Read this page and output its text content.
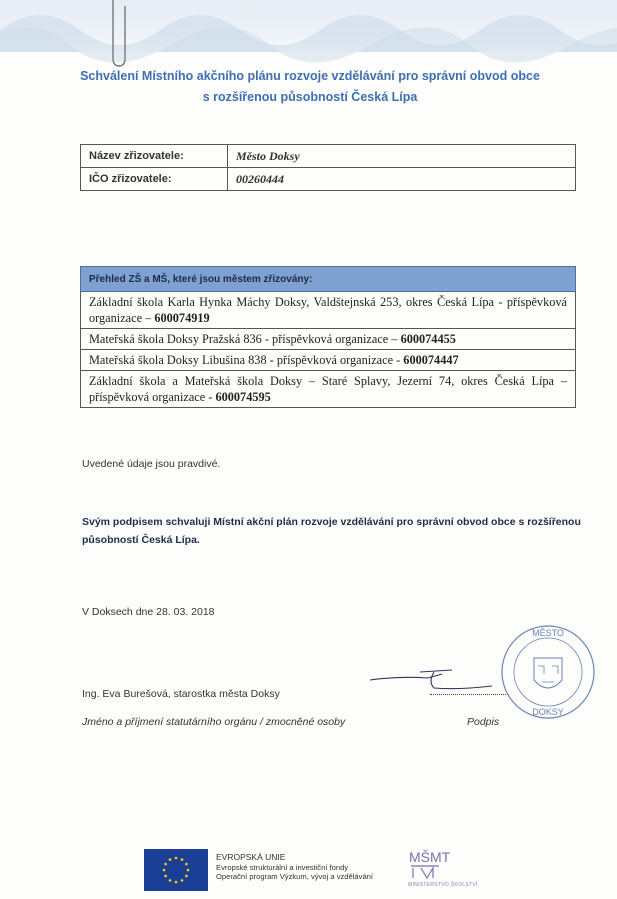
Schválení Místního akčního plánu rozvoje vzdělávání pro správní obvod obce
s rozšířenou působností Česká Lípa
Název zřizovatele:	Město Doksy
IČO zřizovatele:	00260444
Přehled ZŠ a MŠ, které jsou městem zřizovány:
Základní škola Karla Hynka Máchy Doksy, Valdštejnská 253, okres Česká Lípa - příspěvková organizace – 600074919
Mateřská škola Doksy Pražská 836 - příspěvková organizace – 600074455
Mateřská škola Doksy Libušina 838 - příspěvková organizace - 600074447
Základní škola a Mateřská škola Doksy – Staré Splavy, Jezerní 74, okres Česká Lípa – příspěvková organizace - 600074595
Uvedené údaje jsou pravdivé.
Svým podpisem schvaluji Místní akční plán rozvoje vzdělávání pro správní obvod obce s rozšířenou působností Česká Lípa.
V Doksech dne 28. 03. 2018
Ing. Eva Burešová, starostka města Doksy
Jméno a příjmení statutárního orgánu / zmocněné osoby	Podpis
MĚSTO
DOKSY
EVROPSKÁ UNIE
Evropské strukturální a investiční fondy
Operační program Výzkum, vývoj a vzdělávání
MŠMT
MINISTERSTVO ŠKOLSTVÍ,
